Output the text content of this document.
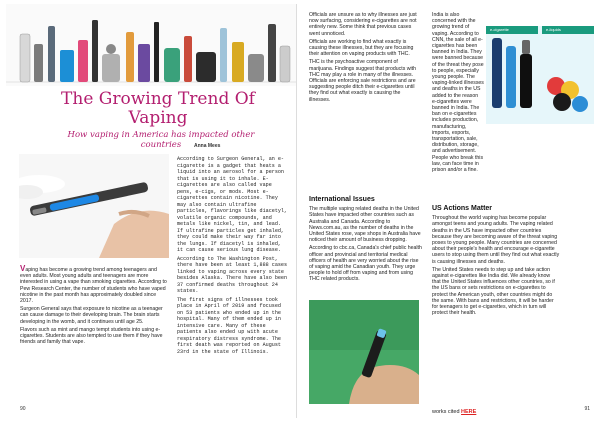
The Growing Trend Of
Vaping
How vaping in America has impacted other countries	Anna Mees

Vaping has become a growing trend among teenagers and even adults. Most young adults and teenagers are more interested in using a vape than smoking cigarettes. According to Pew Research Center, the number of students who have vaped nicotine in the past month has approximately doubled since 2017.

Surgeon General says that exposure to nicotine as a teenager can cause damage to their developing brain. The brain starts developing in the womb, and it continues until age 25.

Flavors such as mint and mango tempt students into using e-cigarettes. Students are also tempted to use them if they have friends and family that vape.

According to Surgeon General, an e-cigarette is a gadget that heats a liquid into an aerosol for a person that is using it to inhale. E-cigarettes are also called vape pens, e-cigs, or mods. Most e-cigarettes contain nicotine. They may also contain ultrafine particles, flavorings like diacetyl, volatile organic compounds, and metals like nickel, tin, and lead. If ultrafine particles get inhaled, they could make their way far into the lungs. If diacetyl is inhaled, it can cause serious lung disease.

According to The Washington Post, there have been at least 1,888 cases linked to vaping across every state besides Alaska. There have also been 37 confirmed deaths throughout 24 states.

The first signs of illnesses took place in April of 2019 and focused on 53 patients who ended up in the hospital. Many of them ended up in intensive care. Many of these patients also ended up with acute respiratory distress syndrome. The first death was reported on August 23rd in the state of Illinois.

90

Officials are unsure as to why illnesses are just now surfacing, considering e-cigarettes are not entirely new. Some think that previous cases went unnoticed.

Officials are working to find what exactly is causing these illnesses, but they are focusing their attention on vaping products with THC.

THC is the psychoactive component of marijuana. Findings suggest that products with THC may play a role in many of the illnesses. Officials are enforcing sale restrictions and are suggesting people ditch their e-cigarettes until they find out what exactly is causing the illnesses.

International Issues

The multiple vaping related deaths in the United States have impacted other countries such as Australia and Canada. According to News.com.au, as the number of deaths in the United States rose, vape shops in Australia have noticed their amount of business dropping.

According to cbc.ca, Canada's chief public health officer and provincial and territorial medical officers of health are very worried about the rise of vaping amid the Canadian youth. They urge people to hold off from vaping and from using THC related products.

India is also concerned with the growing trend of vaping. According to CNN, the sale of all e-cigarettes has been banned in India. They were banned because of the threat they pose to people, especially young people. The vaping-linked illnesses and deaths in the US added to the reason e-cigarettes were banned in India. The ban on e-cigarettes includes production, manufacturing, imports, exports, transportation, sale, distribution, storage, and advertisement. People who break this law, can face time in prison and/or a fine.

e-cigarette	e-liquids
US Actions Matter

Throughout the world vaping has become popular amongst teens and young adults. The vaping related deaths in the US have impacted other countries because they are becoming aware of the threat vaping poses to young people. Many countries are concerned about their people's health and encourage e-cigarette users to stop using them until they find out what exactly is causing illnesses and deaths.

The United States needs to step up and take action against e-cigarettes like India did. We already know that the United States influences other countries, so if the US bans or sets restrictions on e-cigarettes to protect the American youth, other countries might do the same. With bans and restrictions, it will be harder for teenagers to get e-cigarettes, which in turn will protect their health.

works cited HERE	91
